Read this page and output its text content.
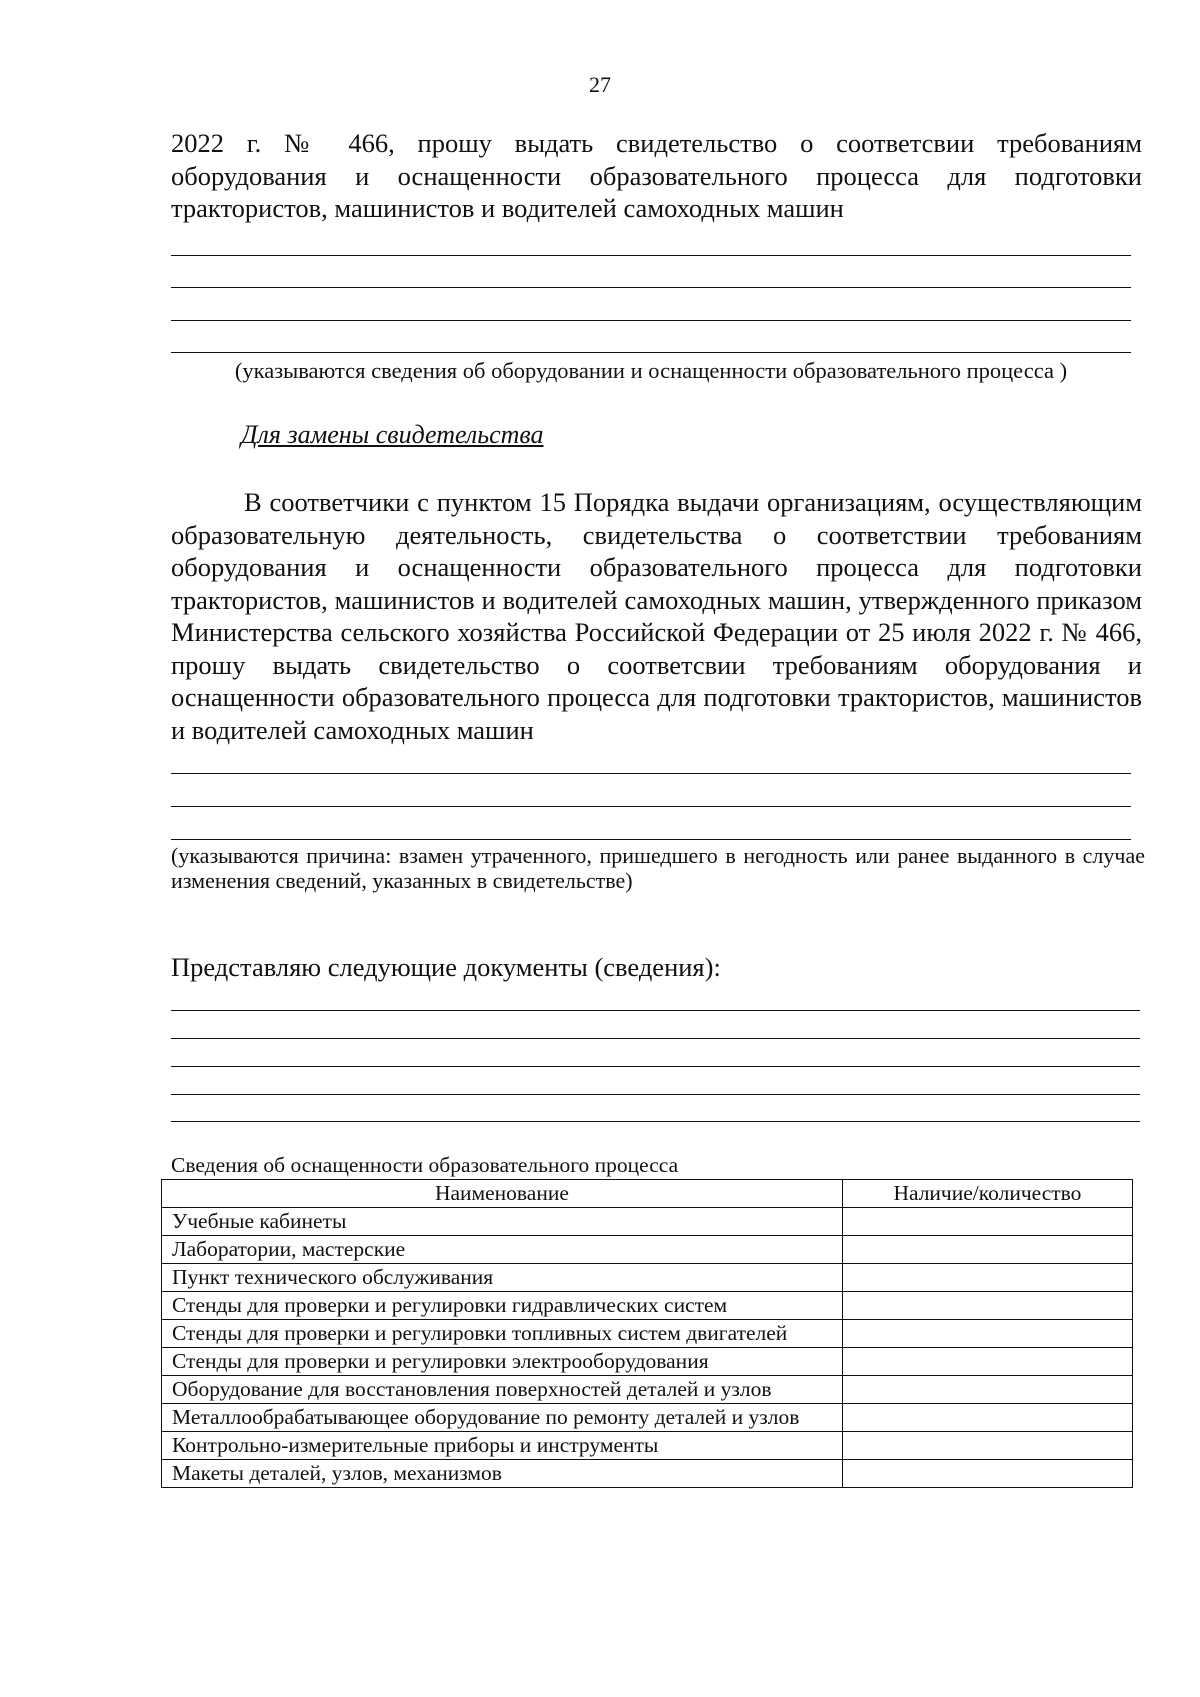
27
2022 г. № 466, прошу выдать свидетельство о соответсвии требованиям оборудования и оснащенности образовательного процесса для подготовки трактористов, машинистов и водителей самоходных машин
(указываются сведения об оборудовании и оснащенности образовательного процесса )
Для замены свидетельства
В соответчики с пунктом 15 Порядка выдачи организациям, осуществляющим образовательную деятельность, свидетельства о соответствии требованиям оборудования и оснащенности образовательного процесса для подготовки трактористов, машинистов и водителей самоходных машин, утвержденного приказом Министерства сельского хозяйства Российской Федерации от 25 июля 2022 г. № 466, прошу выдать свидетельство о соответсвии требованиям оборудования и оснащенности образовательного процесса для подготовки трактористов, машинистов и водителей самоходных машин
(указываются причина: взамен утраченного, пришедшего в негодность или ранее выданного в случае изменения сведений, указанных в свидетельстве)
Представляю следующие документы (сведения):
Сведения об оснащенности образовательного процесса
Наименование	Наличие/количество
Учебные кабинеты	
Лаборатории, мастерские	
Пункт технического обслуживания	
Стенды для проверки и регулировки гидравлических систем	
Стенды для проверки и регулировки топливных систем двигателей	
Стенды для проверки и регулировки электрооборудования	
Оборудование для восстановления поверхностей деталей и узлов	
Металлообрабатывающее оборудование по ремонту деталей и узлов	
Контрольно-измерительные приборы и инструменты	
Макеты деталей, узлов, механизмов	
